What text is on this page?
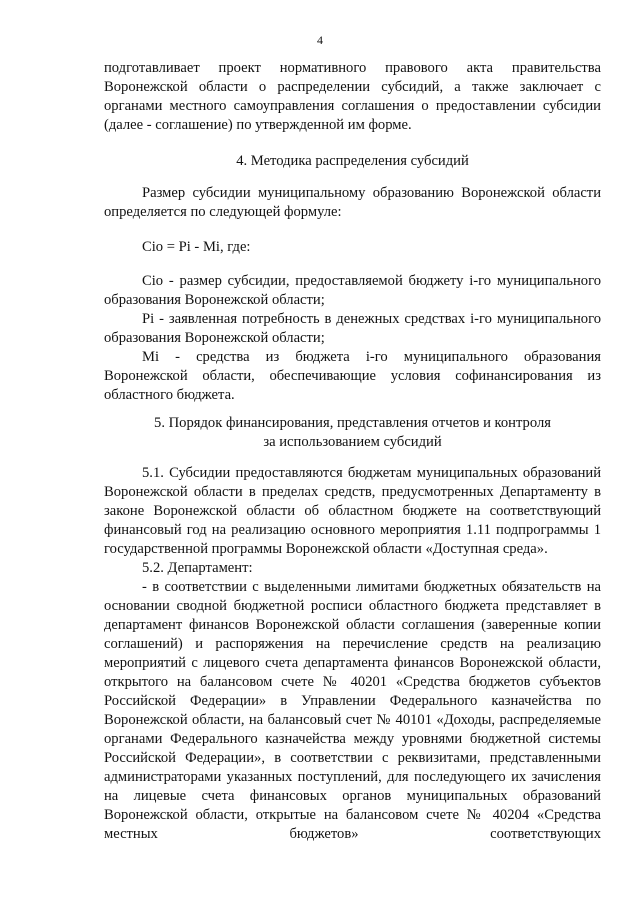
4

подготавливает проект нормативного правового акта правительства Воронежской области о распределении субсидий, а также заключает с органами местного самоуправления соглашения о предоставлении субсидии (далее - соглашение) по утвержденной им форме.

4. Методика распределения субсидий

Размер субсидии муниципальному образованию Воронежской области определяется по следующей формуле:

Cio = Pi - Mi, где:

Cio - размер субсидии, предоставляемой бюджету i-го муниципального образования Воронежской области;

Pi - заявленная потребность в денежных средствах i-го муниципального образования Воронежской области;

Mi - средства из бюджета i-го муниципального образования Воронежской области, обеспечивающие условия софинансирования из областного бюджета.

5. Порядок финансирования, представления отчетов и контроля

за использованием субсидий

5.1. Субсидии предоставляются бюджетам муниципальных образований Воронежской области в пределах средств, предусмотренных Департаменту в законе Воронежской области об областном бюджете на соответствующий финансовый год на реализацию основного мероприятия 1.11 подпрограммы 1 государственной программы Воронежской области «Доступная среда».

5.2. Департамент:

- в соответствии с выделенными лимитами бюджетных обязательств на основании сводной бюджетной росписи областного бюджета представляет в департамент финансов Воронежской области соглашения (заверенные копии соглашений) и распоряжения на перечисление средств на реализацию мероприятий с лицевого счета департамента финансов Воронежской области, открытого на балансовом счете № 40201 «Средства бюджетов субъектов Российской Федерации» в Управлении Федерального казначейства по Воронежской области, на балансовый счет № 40101 «Доходы, распределяемые органами Федерального казначейства между уровнями бюджетной системы Российской Федерации», в соответствии с реквизитами, представленными администраторами указанных поступлений, для последующего их зачисления на лицевые счета финансовых органов муниципальных образований Воронежской области, открытые на балансовом счете № 40204 «Средства местных бюджетов» соответствующих
